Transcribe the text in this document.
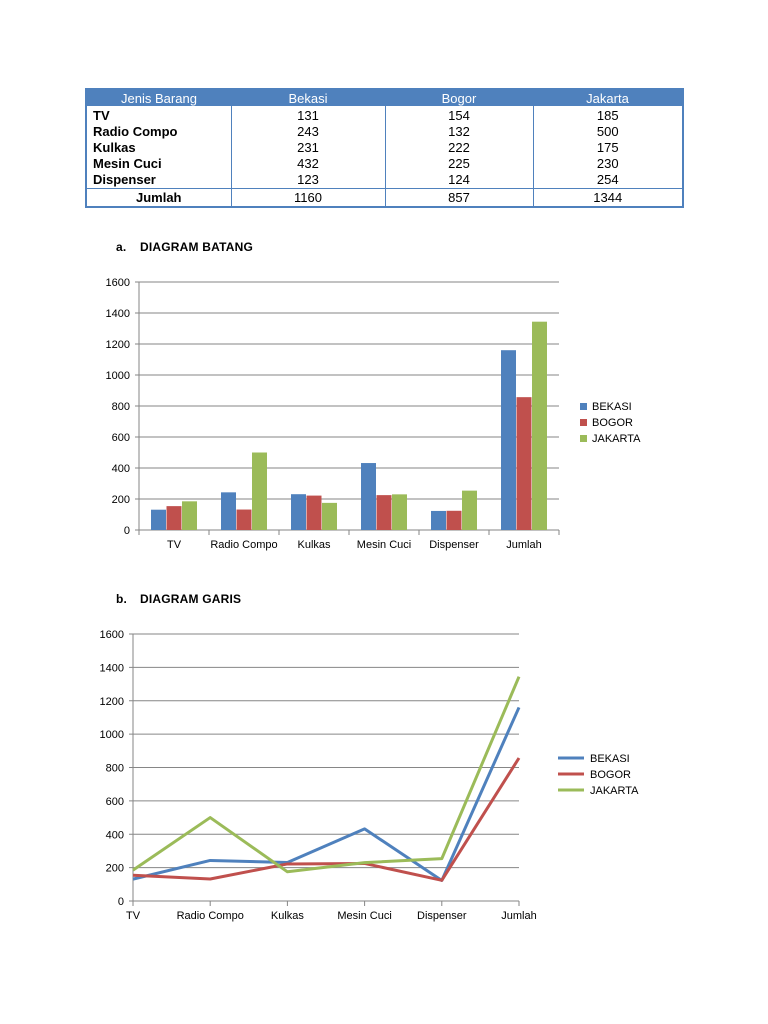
Jenis Barang	Bekasi	Bogor	Jakarta
TV	131	154	185
Radio Compo	243	132	500
Kulkas	231	222	175
Mesin Cuci	432	225	230
Dispenser	123	124	254
Jumlah	1160	857	1344
a. DIAGRAM BATANG
b. DIAGRAM GARIS
0
200
400
600
800
1000
1200
1400
1600
TV	Radio Compo Kulkas Mesin Cuci Dispenser	Jumlah
BEKASI
BOGOR
JAKARTA
0
200
400
600
800
1000
1200
1400
1600
TV	Radio Compo Kulkas	Mesin Cuci Dispenser	Jumlah
BEKASI
BOGOR
JAKARTA
